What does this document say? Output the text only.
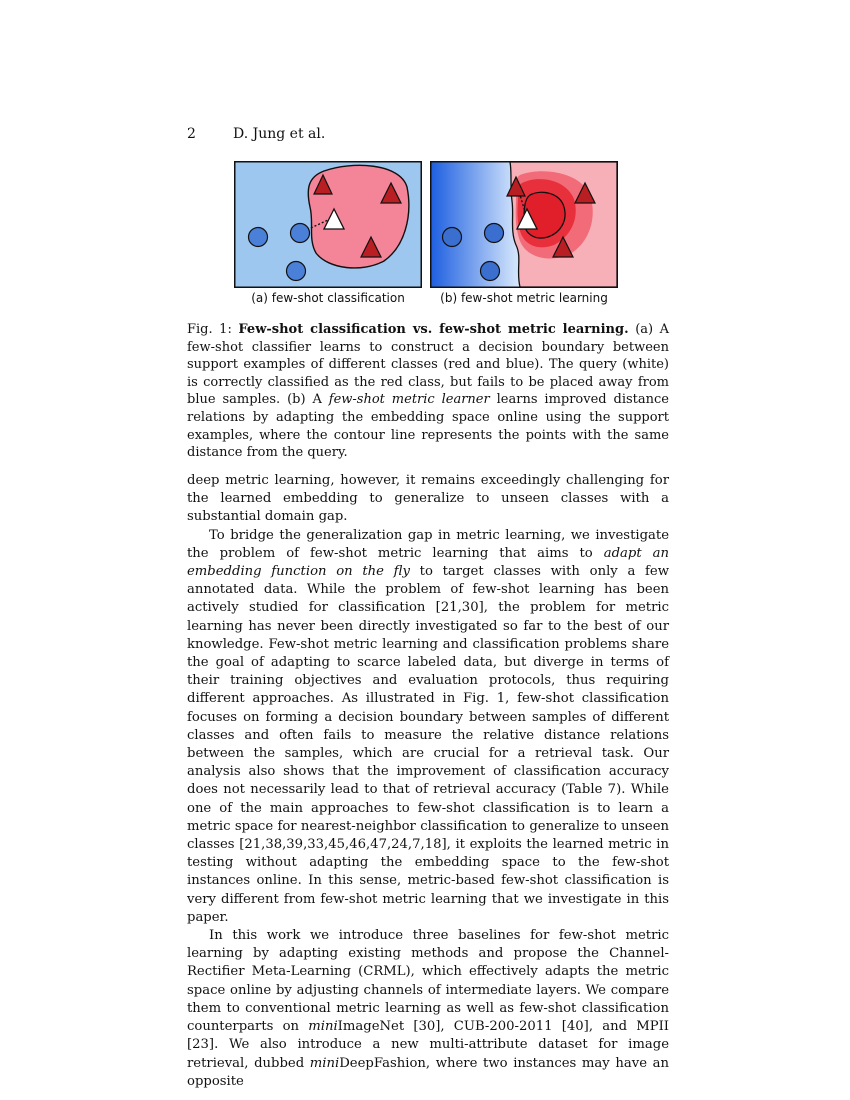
2	D. Jung et al.
(a) few-shot classification	(b) few-shot metric learning
Fig. 1: Few-shot classification vs. few-shot metric learning. (a) A few-shot classifier learns to construct a decision boundary between support examples of different classes (red and blue). The query (white) is correctly classified as the red class, but fails to be placed away from blue samples. (b) A few-shot metric learner learns improved distance relations by adapting the embedding space online using the support examples, where the contour line represents the points with the same distance from the query.

deep metric learning, however, it remains exceedingly challenging for the learned embedding to generalize to unseen classes with a substantial domain gap.

To bridge the generalization gap in metric learning, we investigate the problem of few-shot metric learning that aims to adapt an embedding function on the fly to target classes with only a few annotated data. While the problem of few-shot learning has been actively studied for classification [21,30], the problem for metric learning has never been directly investigated so far to the best of our knowledge. Few-shot metric learning and classification problems share the goal of adapting to scarce labeled data, but diverge in terms of their training objectives and evaluation protocols, thus requiring different approaches. As illustrated in Fig. 1, few-shot classification focuses on forming a decision boundary between samples of different classes and often fails to measure the relative distance relations between the samples, which are crucial for a retrieval task. Our analysis also shows that the improvement of classification accuracy does not necessarily lead to that of retrieval accuracy (Table 7). While one of the main approaches to few-shot classification is to learn a metric space for nearest-neighbor classification to generalize to unseen classes [21,38,39,33,45,46,47,24,7,18], it exploits the learned metric in testing without adapting the embedding space to the few-shot instances online. In this sense, metric-based few-shot classification is very different from few-shot metric learning that we investigate in this paper.

In this work we introduce three baselines for few-shot metric learning by adapting existing methods and propose the Channel-Rectifier Meta-Learning (CRML), which effectively adapts the metric space online by adjusting channels of intermediate layers. We compare them to conventional metric learning as well as few-shot classification counterparts on miniImageNet [30], CUB-200-2011 [40], and MPII [23]. We also introduce a new multi-attribute dataset for image retrieval, dubbed miniDeepFashion, where two instances may have an opposite
